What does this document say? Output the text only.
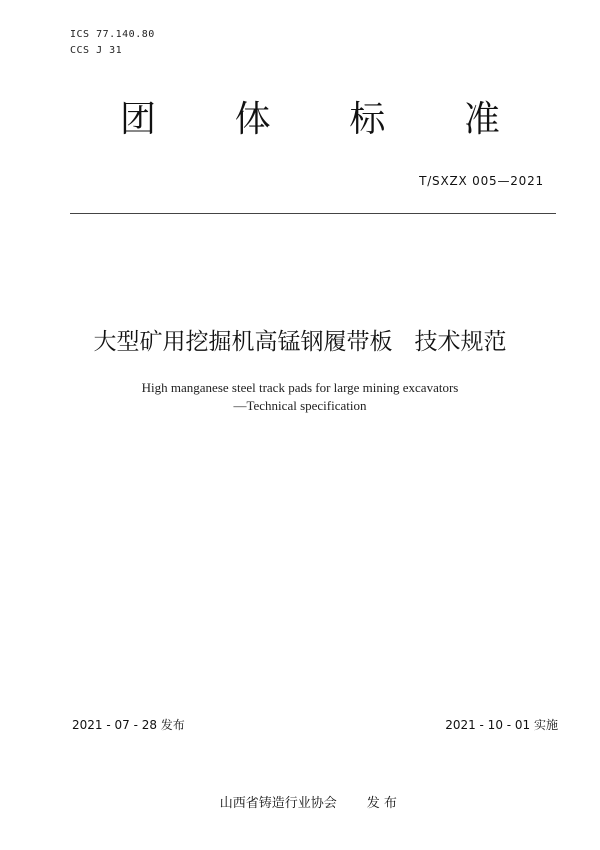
ICS 77.140.80
CCS J 31
团 体 标 准
T/SXZX 005—2021
大型矿用挖掘机高锰钢履带板   技术规范
High manganese steel track pads for large mining excavators
—Technical specification
2021 - 07 - 28 发布	2021 - 10 - 01 实施

山西省铸造行业协会 发 布
